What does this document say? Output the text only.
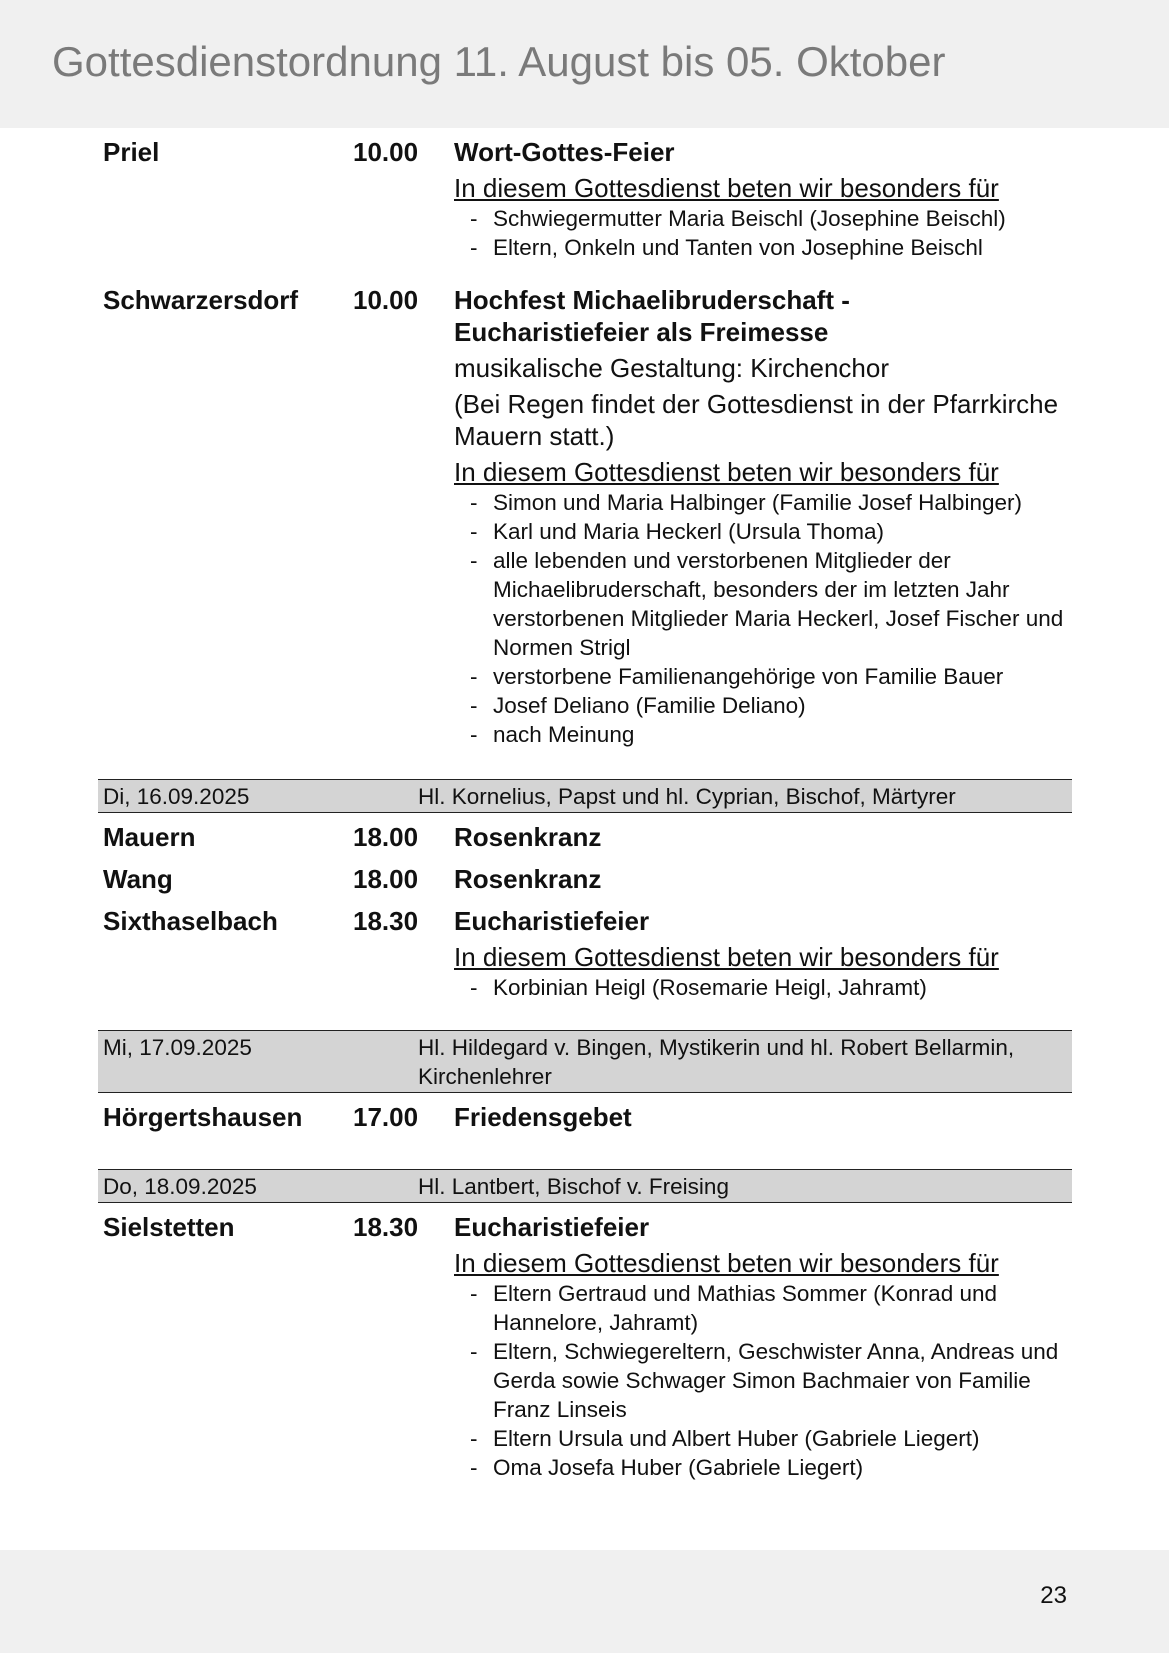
Gottesdienstordnung 11. August bis 05. Oktober
Priel	10.00	Wort-Gottes-Feier
In diesem Gottesdienst beten wir besonders für
- Schwiegermutter Maria Beischl (Josephine Beischl)
- Eltern, Onkeln und Tanten von Josephine Beischl
Schwarzersdorf	10.00	Hochfest Michaelibruderschaft -
Eucharistiefeier als Freimesse
musikalische Gestaltung: Kirchenchor
(Bei Regen findet der Gottesdienst in der Pfarrkirche Mauern statt.)
In diesem Gottesdienst beten wir besonders für
- Simon und Maria Halbinger (Familie Josef Halbinger)
- Karl und Maria Heckerl (Ursula Thoma)
- alle lebenden und verstorbenen Mitglieder der Michaelibruderschaft, besonders der im letzten Jahr verstorbenen Mitglieder Maria Heckerl, Josef Fischer und Normen Strigl
- verstorbene Familienangehörige von Familie Bauer
- Josef Deliano (Familie Deliano)
- nach Meinung
Di, 16.09.2025	Hl. Kornelius, Papst und hl. Cyprian, Bischof, Märtyrer
Mauern	18.00	Rosenkranz
Wang	18.00	Rosenkranz
Sixthaselbach	18.30	Eucharistiefeier
In diesem Gottesdienst beten wir besonders für
- Korbinian Heigl (Rosemarie Heigl, Jahramt)
Mi, 17.09.2025	Hl. Hildegard v. Bingen, Mystikerin und hl. Robert Bellarmin, Kirchenlehrer
Hörgertshausen	17.00	Friedensgebet
Do, 18.09.2025	Hl. Lantbert, Bischof v. Freising
Sielstetten	18.30	Eucharistiefeier
In diesem Gottesdienst beten wir besonders für
- Eltern Gertraud und Mathias Sommer (Konrad und Hannelore, Jahramt)
- Eltern, Schwiegereltern, Geschwister Anna, Andreas und Gerda sowie Schwager Simon Bachmaier von Familie Franz Linseis
- Eltern Ursula und Albert Huber (Gabriele Liegert)
- Oma Josefa Huber (Gabriele Liegert)
23
